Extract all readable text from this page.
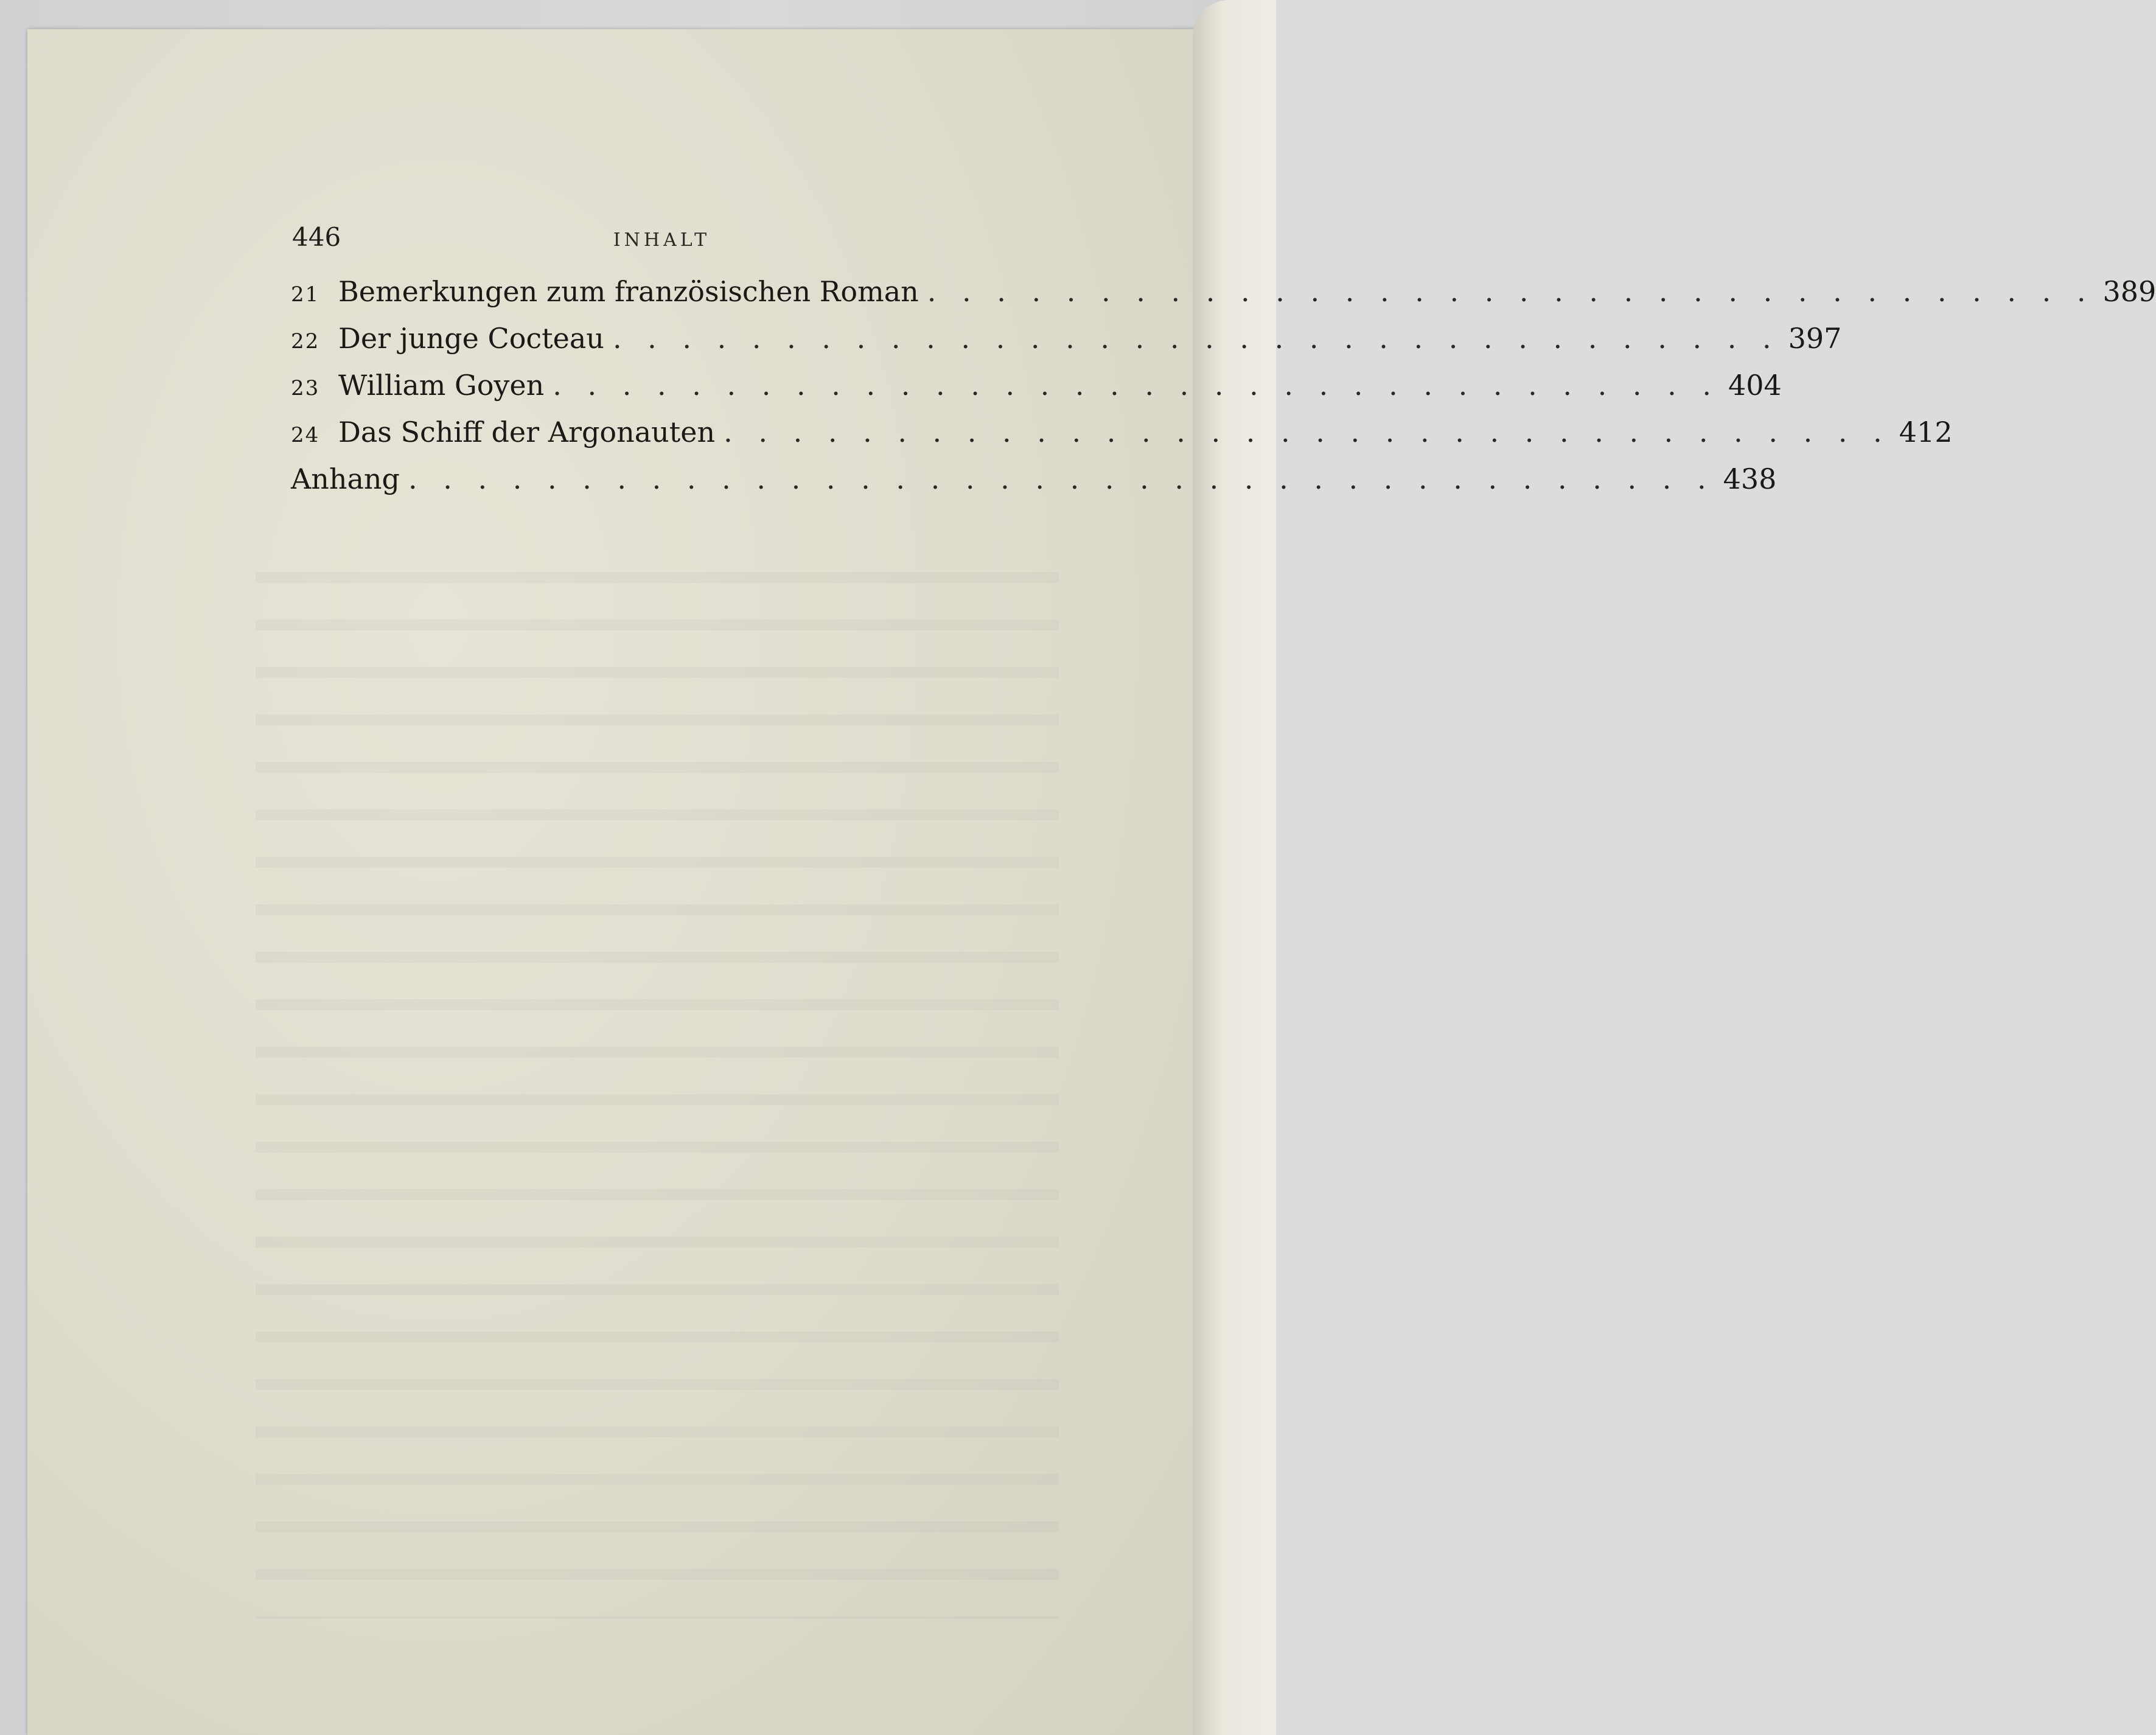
446	INHALT
21 Bemerkungen zum französischen Roman . . . . . . . . . . . . . . . . . . . . . . . . . . . . . . . . . . 389
22 Der junge Cocteau . . . . . . . . . . . . . . . . . . . . . . . . . . . . . . . . . . 397
23 William Goyen . . . . . . . . . . . . . . . . . . . . . . . . . . . . . . . . . . 404
24 Das Schiff der Argonauten . . . . . . . . . . . . . . . . . . . . . . . . . . . . . . . . . . 412
Anhang . . . . . . . . . . . . . . . . . . . . . . . . . . . . . . . . . . . . . . 438
